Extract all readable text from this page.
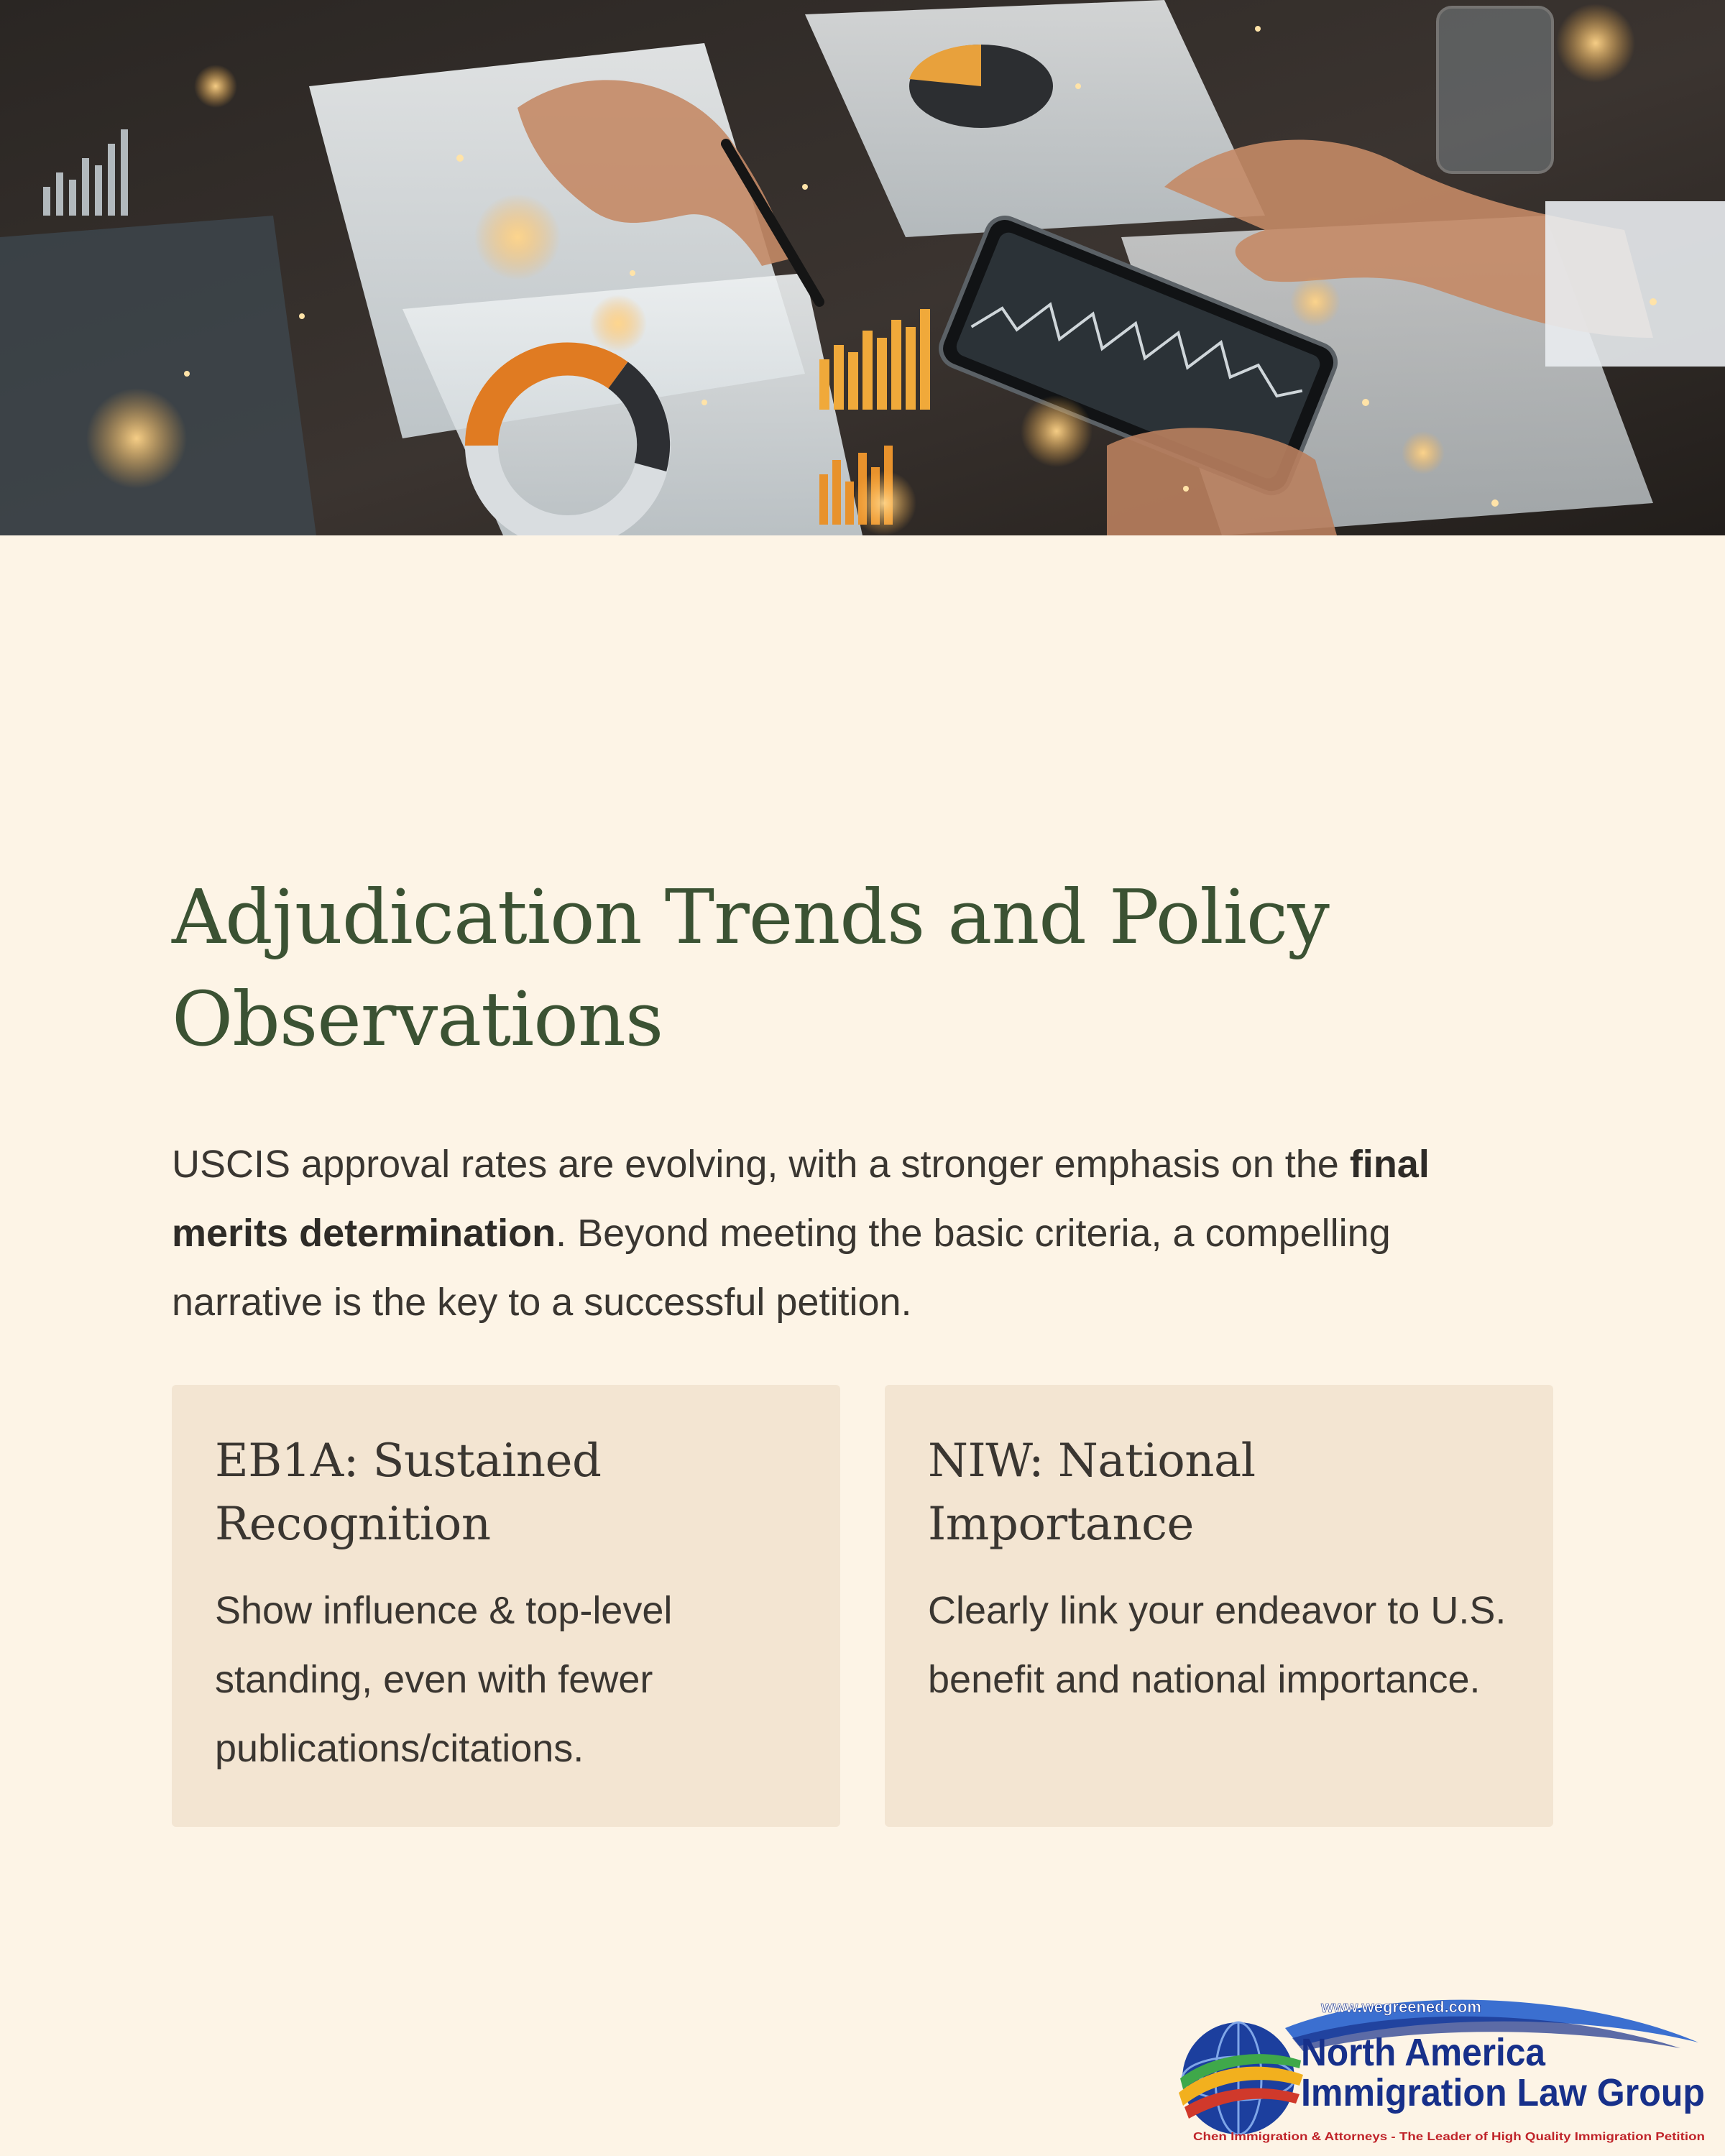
Adjudication Trends and Policy Observations

USCIS approval rates are evolving, with a stronger emphasis on the final merits determination. Beyond meeting the basic criteria, a compelling narrative is the key to a successful petition.

EB1A: Sustained Recognition

Show influence & top-level standing, even with fewer publications/citations.

NIW: National Importance

Clearly link your endeavor to U.S. benefit and national importance.

www.wegreened.com
North America
Immigration Law Group
Chen Immigration & Attorneys - The Leader of High Quality Immigration Petition
